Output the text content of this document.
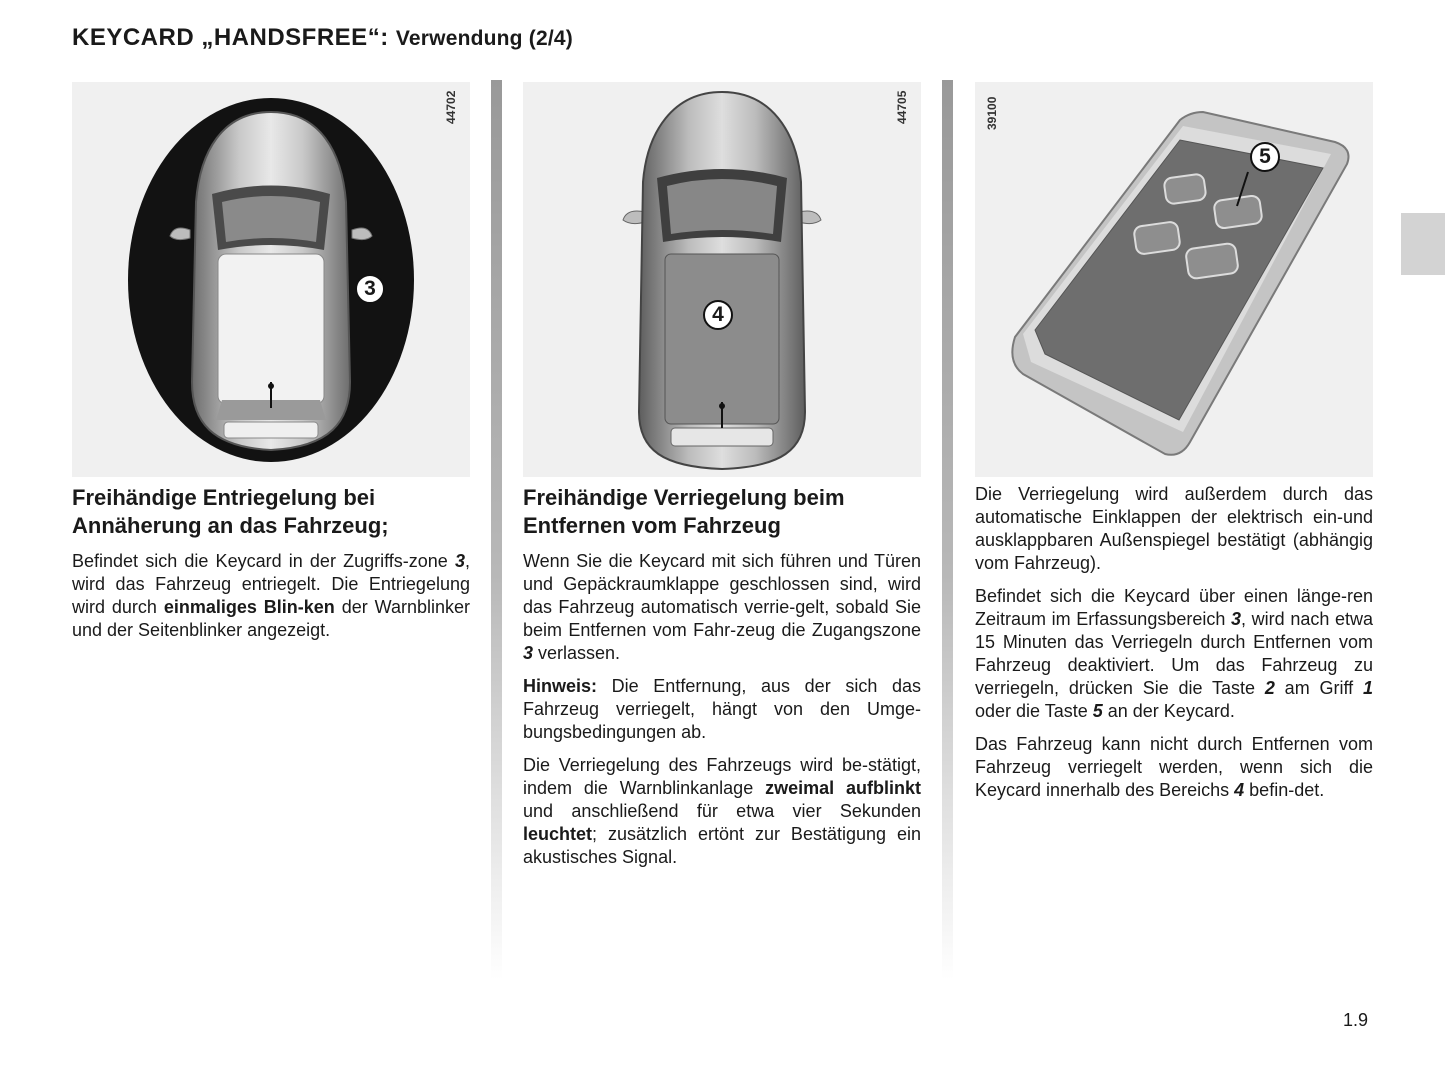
KEYCARD „HANDSFREE“: Verwendung (2/4)
44702
3
44705
4
39100
5
Freihändige Entriegelung bei Annäherung an das Fahrzeug;

Befindet sich die Keycard in der Zugriffs-zone 3, wird das Fahrzeug entriegelt. Die Entriegelung wird durch einmaliges Blin-ken der Warnblinker und der Seitenblinker angezeigt.

Freihändige Verriegelung beim Entfernen vom Fahrzeug

Wenn Sie die Keycard mit sich führen und Türen und Gepäckraumklappe geschlossen sind, wird das Fahrzeug automatisch verrie-gelt, sobald Sie beim Entfernen vom Fahr-zeug die Zugangszone 3 verlassen.

Hinweis: Die Entfernung, aus der sich das Fahrzeug verriegelt, hängt von den Umge-bungsbedingungen ab.

Die Verriegelung des Fahrzeugs wird be-stätigt, indem die Warnblinkanlage zweimal aufblinkt und anschließend für etwa vier Sekunden leuchtet; zusätzlich ertönt zur Bestätigung ein akustisches Signal.

Die Verriegelung wird außerdem durch das automatische Einklappen der elektrisch ein-und ausklappbaren Außenspiegel bestätigt (abhängig vom Fahrzeug).

Befindet sich die Keycard über einen länge-ren Zeitraum im Erfassungsbereich 3, wird nach etwa 15 Minuten das Verriegeln durch Entfernen vom Fahrzeug deaktiviert. Um das Fahrzeug zu verriegeln, drücken Sie die Taste 2 am Griff 1 oder die Taste 5 an der Keycard.

Das Fahrzeug kann nicht durch Entfernen vom Fahrzeug verriegelt werden, wenn sich die Keycard innerhalb des Bereichs 4 befin-det.

1.9
